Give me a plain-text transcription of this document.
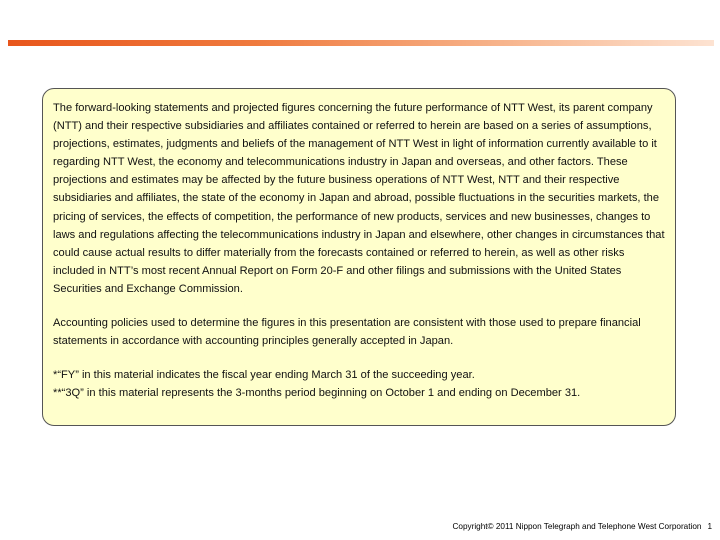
The forward-looking statements and projected figures concerning the future performance of NTT West, its parent company (NTT) and their respective subsidiaries and affiliates contained or referred to herein are based on a series of assumptions, projections, estimates, judgments and beliefs of the management of NTT West in light of information currently available to it regarding NTT West, the economy and telecommunications industry in Japan and overseas, and other factors. These projections and estimates may be affected by the future business operations of NTT West, NTT and their respective subsidiaries and affiliates, the state of the economy in Japan and abroad, possible fluctuations in the securities markets, the pricing of services, the effects of competition, the performance of new products, services and new businesses, changes to laws and regulations affecting the telecommunications industry in Japan and elsewhere, other changes in circumstances that could cause actual results to differ materially from the forecasts contained or referred to herein, as well as other risks included in NTT’s most recent Annual Report on Form 20-F and other filings and submissions with the United States Securities and Exchange Commission.

Accounting policies used to determine the figures in this presentation are consistent with those used to prepare financial statements in accordance with accounting principles generally accepted in Japan.

*“FY” in this material indicates the fiscal year ending March 31 of the succeeding year.

**“3Q” in this material represents the 3-months period beginning on October 1 and ending on December 31.

Copyright© 2011 Nippon Telegraph and Telephone West Corporation 1
